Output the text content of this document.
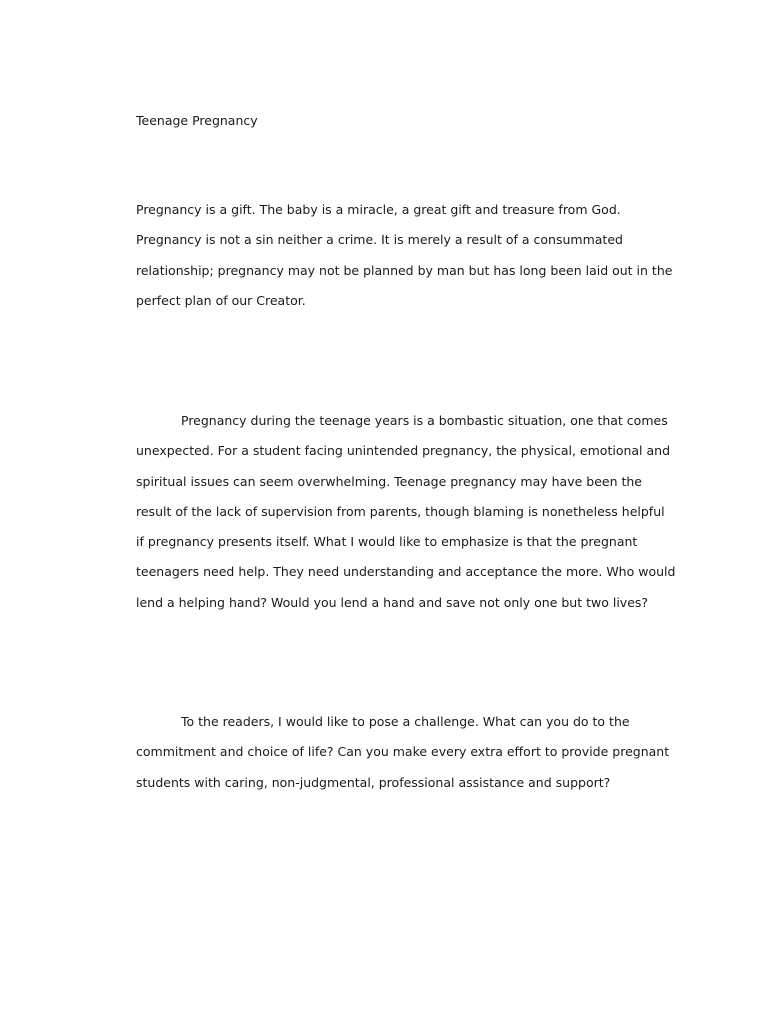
Teenage Pregnancy

Pregnancy is a gift. The baby is a miracle, a great gift and treasure from God.
Pregnancy is not a sin neither a crime. It is merely a result of a consummated
relationship; pregnancy may not be planned by man but has long been laid out in the
perfect plan of our Creator.

Pregnancy during the teenage years is a bombastic situation, one that comes
unexpected. For a student facing unintended pregnancy, the physical, emotional and
spiritual issues can seem overwhelming. Teenage pregnancy may have been the
result of the lack of supervision from parents, though blaming is nonetheless helpful
if pregnancy presents itself. What I would like to emphasize is that the pregnant
teenagers need help. They need understanding and acceptance the more. Who would
lend a helping hand? Would you lend a hand and save not only one but two lives?

To the readers, I would like to pose a challenge. What can you do to the
commitment and choice of life? Can you make every extra effort to provide pregnant
students with caring, non-judgmental, professional assistance and support?
